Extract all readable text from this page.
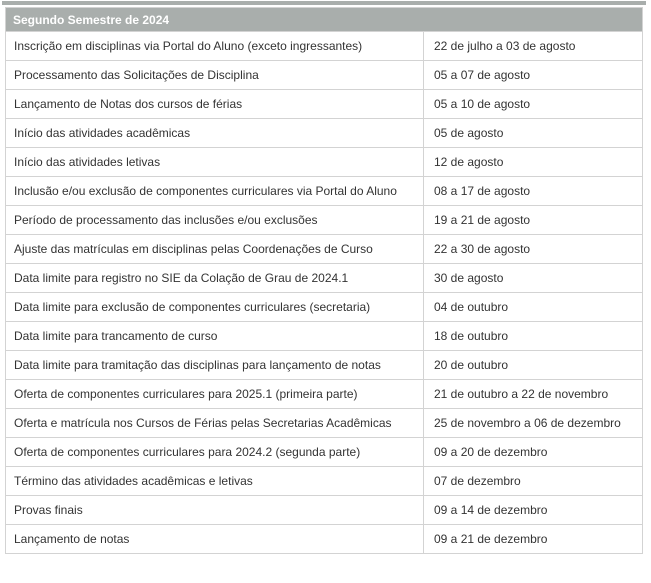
Segundo Semestre de 2024	
Inscrição em disciplinas via Portal do Aluno (exceto ingressantes)	22 de julho a 03 de agosto
Processamento das Solicitações de Disciplina	05 a 07 de agosto
Lançamento de Notas dos cursos de férias	05 a 10 de agosto
Início das atividades acadêmicas	05 de agosto
Início das atividades letivas	12 de agosto
Inclusão e/ou exclusão de componentes curriculares via Portal do Aluno	08 a 17 de agosto
Período de processamento das inclusões e/ou exclusões	19 a 21 de agosto
Ajuste das matrículas em disciplinas pelas Coordenações de Curso	22 a 30 de agosto
Data limite para registro no SIE da Colação de Grau de 2024.1	30 de agosto
Data limite para exclusão de componentes curriculares (secretaria)	04 de outubro
Data limite para trancamento de curso	18 de outubro
Data limite para tramitação das disciplinas para lançamento de notas	20 de outubro
Oferta de componentes curriculares para 2025.1 (primeira parte)	21 de outubro a 22 de novembro
Oferta e matrícula nos Cursos de Férias pelas Secretarias Acadêmicas	25 de novembro a 06 de dezembro
Oferta de componentes curriculares para 2024.2 (segunda parte)	09 a 20 de dezembro
Término das atividades acadêmicas e letivas	07 de dezembro
Provas finais	09 a 14 de dezembro
Lançamento de notas	09 a 21 de dezembro
